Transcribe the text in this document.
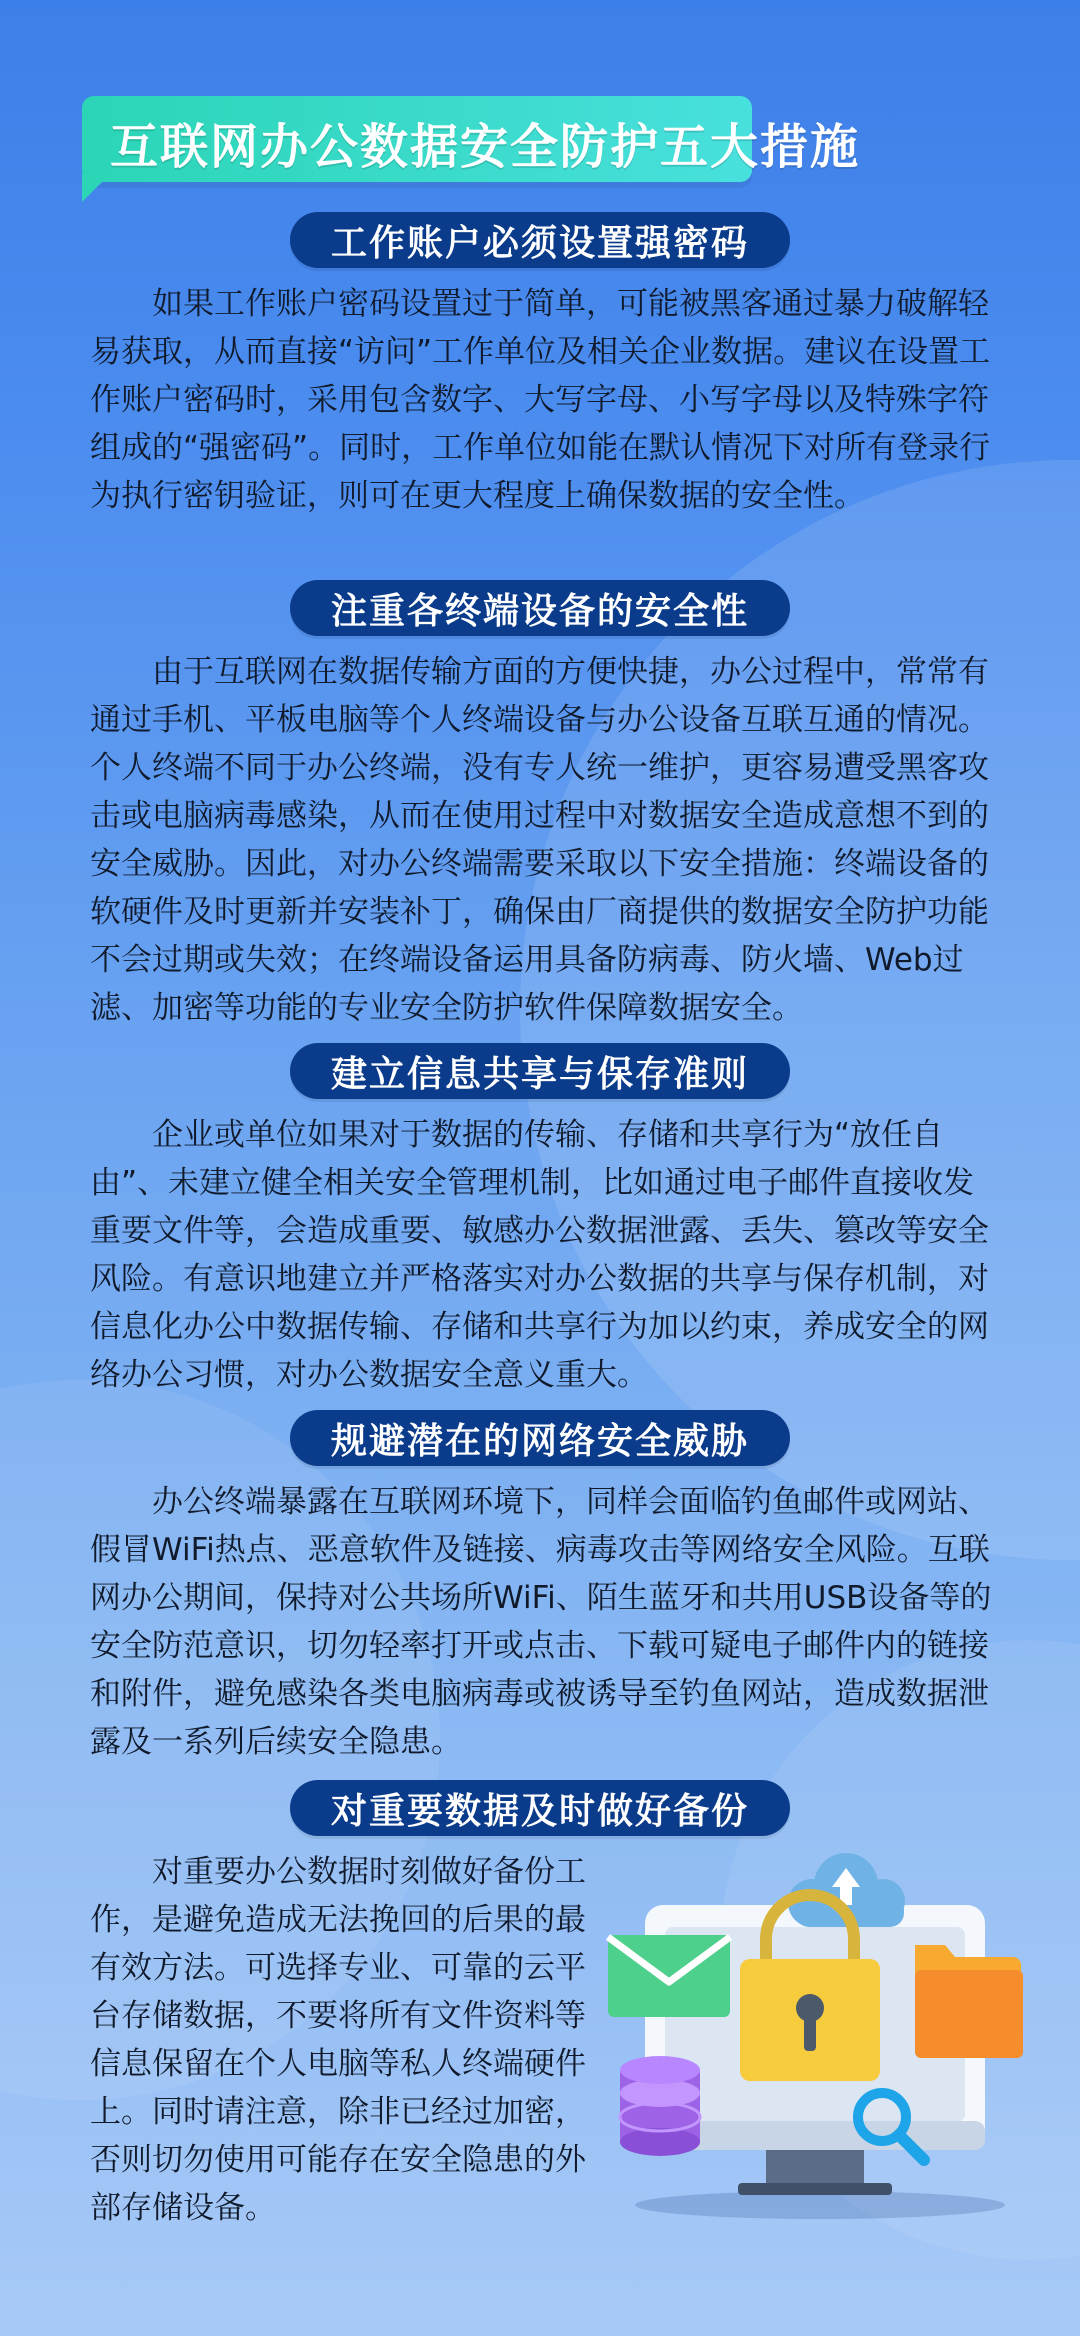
互联网办公数据安全防护五大措施
工作账户必须设置强密码
如果工作账户密码设置过于简单，可能被黑客通过暴力破解轻易获取，从而直接“访问”工作单位及相关企业数据。建议在设置工作账户密码时，采用包含数字、大写字母、小写字母以及特殊字符组成的“强密码”。同时，工作单位如能在默认情况下对所有登录行为执行密钥验证，则可在更大程度上确保数据的安全性。
注重各终端设备的安全性
由于互联网在数据传输方面的方便快捷，办公过程中，常常有通过手机、平板电脑等个人终端设备与办公设备互联互通的情况。个人终端不同于办公终端，没有专人统一维护，更容易遭受黑客攻击或电脑病毒感染，从而在使用过程中对数据安全造成意想不到的安全威胁。因此，对办公终端需要采取以下安全措施：终端设备的软硬件及时更新并安装补丁，确保由厂商提供的数据安全防护功能不会过期或失效；在终端设备运用具备防病毒、防火墙、Web过滤、加密等功能的专业安全防护软件保障数据安全。
建立信息共享与保存准则
企业或单位如果对于数据的传输、存储和共享行为“放任自由”、未建立健全相关安全管理机制，比如通过电子邮件直接收发重要文件等，会造成重要、敏感办公数据泄露、丢失、篡改等安全风险。有意识地建立并严格落实对办公数据的共享与保存机制，对信息化办公中数据传输、存储和共享行为加以约束，养成安全的网络办公习惯，对办公数据安全意义重大。
规避潜在的网络安全威胁
办公终端暴露在互联网环境下，同样会面临钓鱼邮件或网站、假冒WiFi热点、恶意软件及链接、病毒攻击等网络安全风险。互联网办公期间，保持对公共场所WiFi、陌生蓝牙和共用USB设备等的安全防范意识，切勿轻率打开或点击、下载可疑电子邮件内的链接和附件，避免感染各类电脑病毒或被诱导至钓鱼网站，造成数据泄露及一系列后续安全隐患。
对重要数据及时做好备份
对重要办公数据时刻做好备份工作，是避免造成无法挽回的后果的最有效方法。可选择专业、可靠的云平台存储数据，不要将所有文件资料等信息保留在个人电脑等私人终端硬件上。同时请注意，除非已经过加密，否则切勿使用可能存在安全隐患的外部存储设备。
